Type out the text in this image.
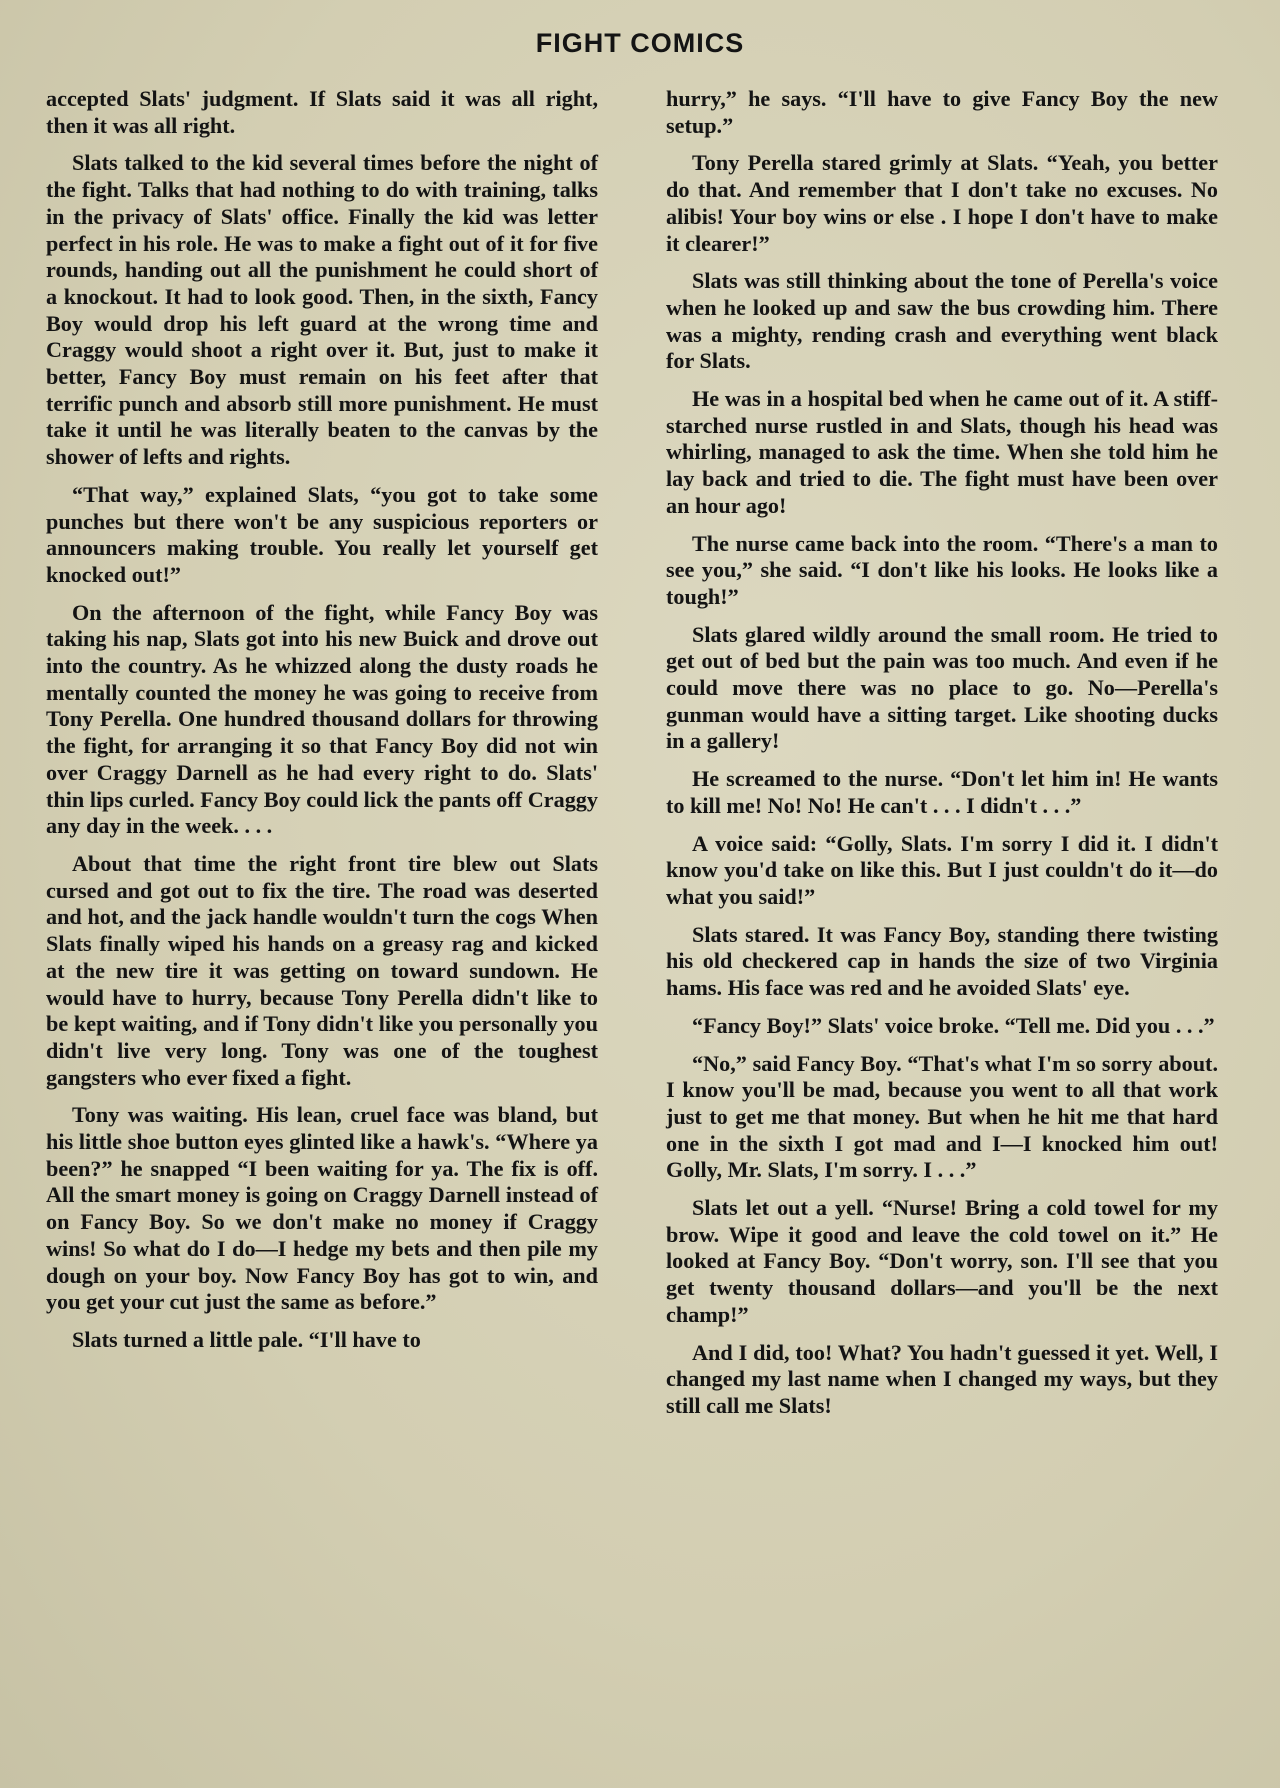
FIGHT COMICS

accepted Slats' judgment. If Slats said it was all right, then it was all right.

Slats talked to the kid several times before the night of the fight. Talks that had nothing to do with training, talks in the privacy of Slats' office. Finally the kid was letter perfect in his role. He was to make a fight out of it for five rounds, handing out all the punishment he could short of a knockout. It had to look good. Then, in the sixth, Fancy Boy would drop his left guard at the wrong time and Craggy would shoot a right over it. But, just to make it better, Fancy Boy must remain on his feet after that terrific punch and absorb still more punishment. He must take it until he was literally beaten to the canvas by the shower of lefts and rights.

“That way,” explained Slats, “you got to take some punches but there won't be any suspicious reporters or announcers making trouble. You really let yourself get knocked out!”

On the afternoon of the fight, while Fancy Boy was taking his nap, Slats got into his new Buick and drove out into the country. As he whizzed along the dusty roads he mentally counted the money he was going to receive from Tony Perella. One hundred thousand dollars for throwing the fight, for arranging it so that Fancy Boy did not win over Craggy Darnell as he had every right to do. Slats' thin lips curled. Fancy Boy could lick the pants off Craggy any day in the week. . . .

About that time the right front tire blew out Slats cursed and got out to fix the tire. The road was deserted and hot, and the jack handle wouldn't turn the cogs When Slats finally wiped his hands on a greasy rag and kicked at the new tire it was getting on toward sundown. He would have to hurry, because Tony Perella didn't like to be kept waiting, and if Tony didn't like you personally you didn't live very long. Tony was one of the toughest gangsters who ever fixed a fight.

Tony was waiting. His lean, cruel face was bland, but his little shoe button eyes glinted like a hawk's. “Where ya been?” he snapped “I been waiting for ya. The fix is off. All the smart money is going on Craggy Darnell instead of on Fancy Boy. So we don't make no money if Craggy wins! So what do I do—I hedge my bets and then pile my dough on your boy. Now Fancy Boy has got to win, and you get your cut just the same as before.”

Slats turned a little pale. “I'll have to

hurry,” he says. “I'll have to give Fancy Boy the new setup.”

Tony Perella stared grimly at Slats. “Yeah, you better do that. And remember that I don't take no excuses. No alibis! Your boy wins or else . I hope I don't have to make it clearer!”

Slats was still thinking about the tone of Perella's voice when he looked up and saw the bus crowding him. There was a mighty, rending crash and everything went black for Slats.

He was in a hospital bed when he came out of it. A stiff-starched nurse rustled in and Slats, though his head was whirling, managed to ask the time. When she told him he lay back and tried to die. The fight must have been over an hour ago!

The nurse came back into the room. “There's a man to see you,” she said. “I don't like his looks. He looks like a tough!”

Slats glared wildly around the small room. He tried to get out of bed but the pain was too much. And even if he could move there was no place to go. No—Perella's gunman would have a sitting target. Like shooting ducks in a gallery!

He screamed to the nurse. “Don't let him in! He wants to kill me! No! No! He can't . . . I didn't . . .”

A voice said: “Golly, Slats. I'm sorry I did it. I didn't know you'd take on like this. But I just couldn't do it—do what you said!”

Slats stared. It was Fancy Boy, standing there twisting his old checkered cap in hands the size of two Virginia hams. His face was red and he avoided Slats' eye.

“Fancy Boy!” Slats' voice broke. “Tell me. Did you . . .”

“No,” said Fancy Boy. “That's what I'm so sorry about. I know you'll be mad, because you went to all that work just to get me that money. But when he hit me that hard one in the sixth I got mad and I—I knocked him out! Golly, Mr. Slats, I'm sorry. I . . .”

Slats let out a yell. “Nurse! Bring a cold towel for my brow. Wipe it good and leave the cold towel on it.” He looked at Fancy Boy. “Don't worry, son. I'll see that you get twenty thousand dollars—and you'll be the next champ!”

And I did, too! What? You hadn't guessed it yet. Well, I changed my last name when I changed my ways, but they still call me Slats!
